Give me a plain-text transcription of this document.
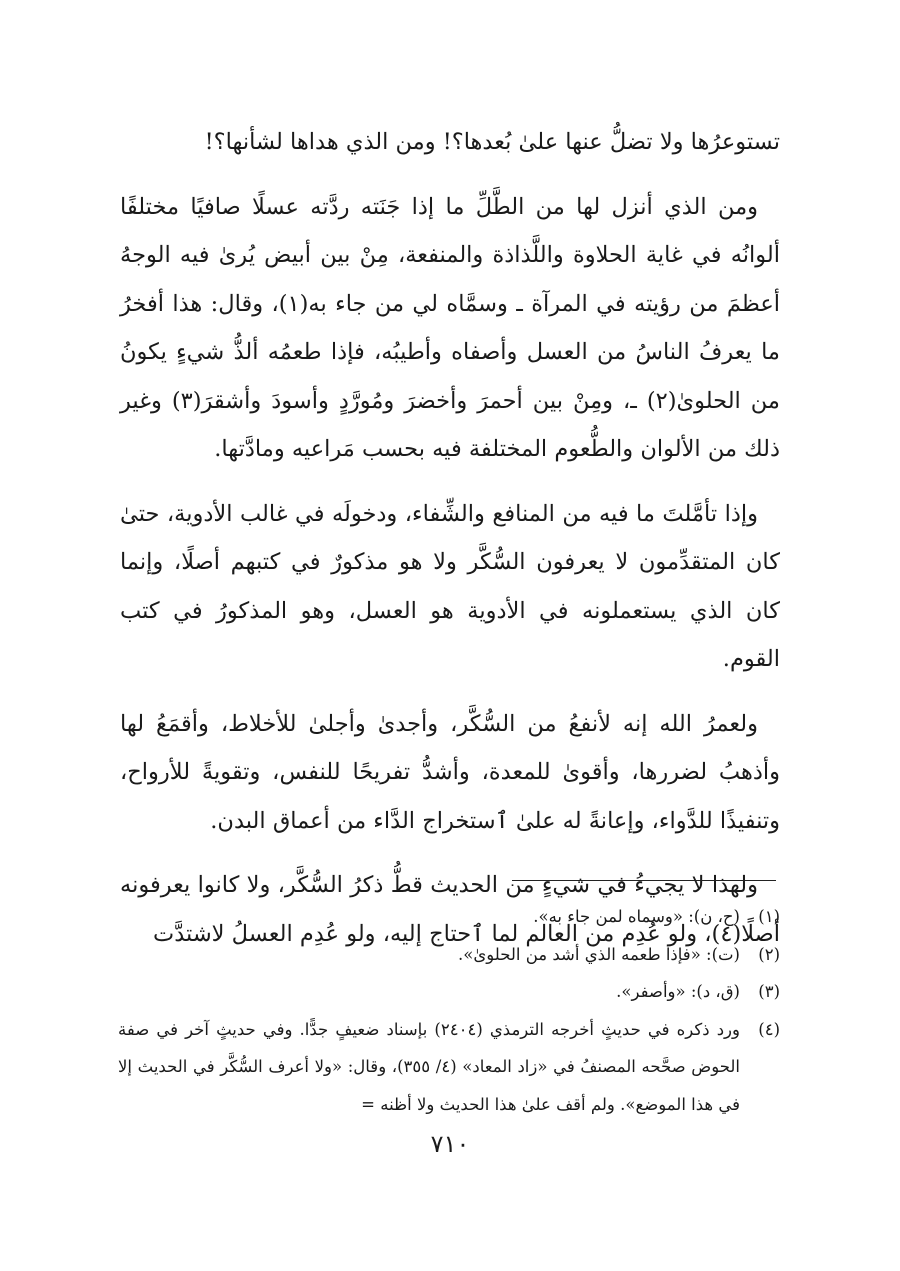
تستوعرُها ولا تضلُّ عنها علىٰ بُعدها؟! ومن الذي هداها لشأنها؟!

ومن الذي أنزل لها من الطَّلِّ ما إذا جَنَته ردَّته عسلًا صافيًا مختلفًا ألوانُه في غاية الحلاوة واللَّذاذة والمنفعة، مِنْ بين أبيض يُرىٰ فيه الوجهُ أعظمَ من رؤيته في المرآة ـ وسمَّاه لي من جاء به(١)، وقال: هذا أفخرُ ما يعرفُ الناسُ من العسل وأصفاه وأطيبُه، فإذا طعمُه ألذُّ شيءٍ يكونُ من الحلوىٰ(٢) ـ، ومِنْ بين أحمرَ وأخضرَ ومُورَّدٍ وأسودَ وأشقرَ(٣) وغير ذلك من الألوان والطُّعوم المختلفة فيه بحسب مَراعيه ومادَّتها.

وإذا تأمَّلتَ ما فيه من المنافع والشِّفاء، ودخولَه في غالب الأدوية، حتىٰ كان المتقدِّمون لا يعرفون السُّكَّر ولا هو مذكورٌ في كتبهم أصلًا، وإنما كان الذي يستعملونه في الأدوية هو العسل، وهو المذكورُ في كتب القوم.

ولعمرُ الله إنه لأنفعُ من السُّكَّر، وأجدىٰ وأجلىٰ للأخلاط، وأقمَعُ لها وأذهبُ لضررها، وأقوىٰ للمعدة، وأشدُّ تفريحًا للنفس، وتقويةً للأرواح، وتنفيذًا للدَّواء، وإعانةً له علىٰ ٱستخراج الدَّاء من أعماق البدن.

ولهذا لا يجيءُ في شيءٍ من الحديث قطُّ ذكرُ السُّكَّر، ولا كانوا يعرفونه أصلًا(٤)، ولو عُدِم من العالم لما ٱحتاج إليه، ولو عُدِم العسلُ لاشتدَّت

(١)
(ح، ن): «وسماه لمن جاء به».
(٢)
(ت): «فإذا طعمه الذي أشد من الحلوىٰ».
(٣)
(ق، د): «وأصفر».
(٤)
ورد ذكره في حديثٍ أخرجه الترمذي (٢٤٠٤) بإسناد ضعيفٍ جدًّا. وفي حديثٍ آخر في صفة الحوض صحَّحه المصنفُ في «زاد المعاد» (٤/ ٣٥٥)، وقال: «ولا أعرف السُّكَّر في الحديث إلا في هذا الموضع». ولم أقف علىٰ هذا الحديث ولا أظنه =
٧١٠
